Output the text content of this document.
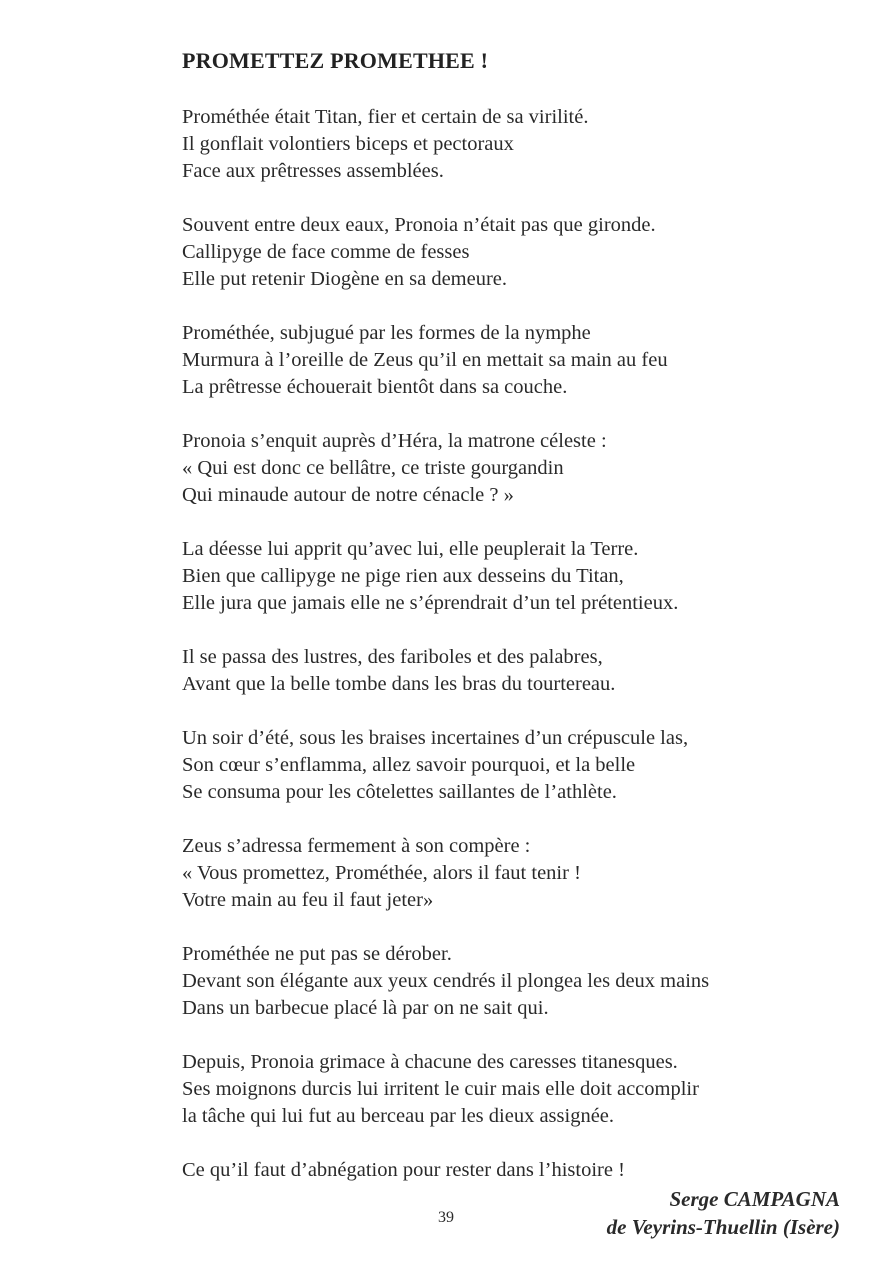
PROMETTEZ PROMETHEE !
Prométhée était Titan, fier et certain de sa virilité.
Il gonflait volontiers biceps et pectoraux
Face aux prêtresses assemblées.
Souvent entre deux eaux, Pronoia n’était pas que gironde.
Callipyge de face comme de fesses
Elle put retenir Diogène en sa demeure.
Prométhée, subjugué par les formes de la nymphe
Murmura à l’oreille de Zeus qu’il en mettait sa main au feu
La prêtresse échouerait bientôt dans sa couche.
Pronoia s’enquit auprès d’Héra, la matrone céleste :
« Qui est donc ce bellâtre, ce triste gourgandin
Qui minaude autour de notre cénacle ? »
La déesse lui apprit qu’avec lui, elle peuplerait la Terre.
Bien que callipyge ne pige rien aux desseins du Titan,
Elle jura que jamais elle ne s’éprendrait d’un tel prétentieux.
Il se passa des lustres, des fariboles et des palabres,
Avant que la belle tombe dans les bras du tourtereau.
Un soir d’été, sous les braises incertaines d’un crépuscule las,
Son cœur s’enflamma, allez savoir pourquoi, et la belle
Se consuma pour les côtelettes saillantes de l’athlète.
Zeus s’adressa fermement à son compère :
« Vous promettez, Prométhée, alors il faut tenir !
Votre main au feu il faut jeter»
Prométhée ne put pas se dérober.
Devant son élégante aux yeux cendrés il plongea les deux mains
Dans un barbecue placé là par on ne sait qui.
Depuis, Pronoia grimace à chacune des caresses titanesques.
Ses moignons durcis lui irritent le cuir mais elle doit accomplir
la tâche qui lui fut au berceau par les dieux assignée.
Ce qu’il faut d’abnégation pour rester dans l’histoire !
Serge CAMPAGNA
de Veyrins-Thuellin (Isère)
39
